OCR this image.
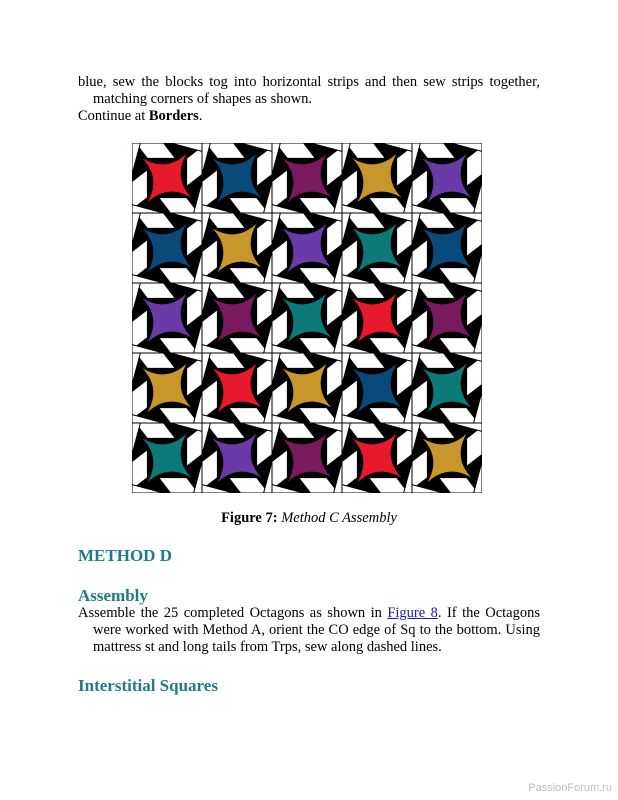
blue, sew the blocks tog into horizontal strips and then sew strips together, matching corners of shapes as shown.
Continue at Borders.
Figure 7: Method C Assembly
METHOD D
Assembly
Assemble the 25 completed Octagons as shown in Figure 8. If the Octagons were worked with Method A, orient the CO edge of Sq to the bottom. Using mattress st and long tails from Trps, sew along dashed lines.
Interstitial Squares
PassionForum.ru
